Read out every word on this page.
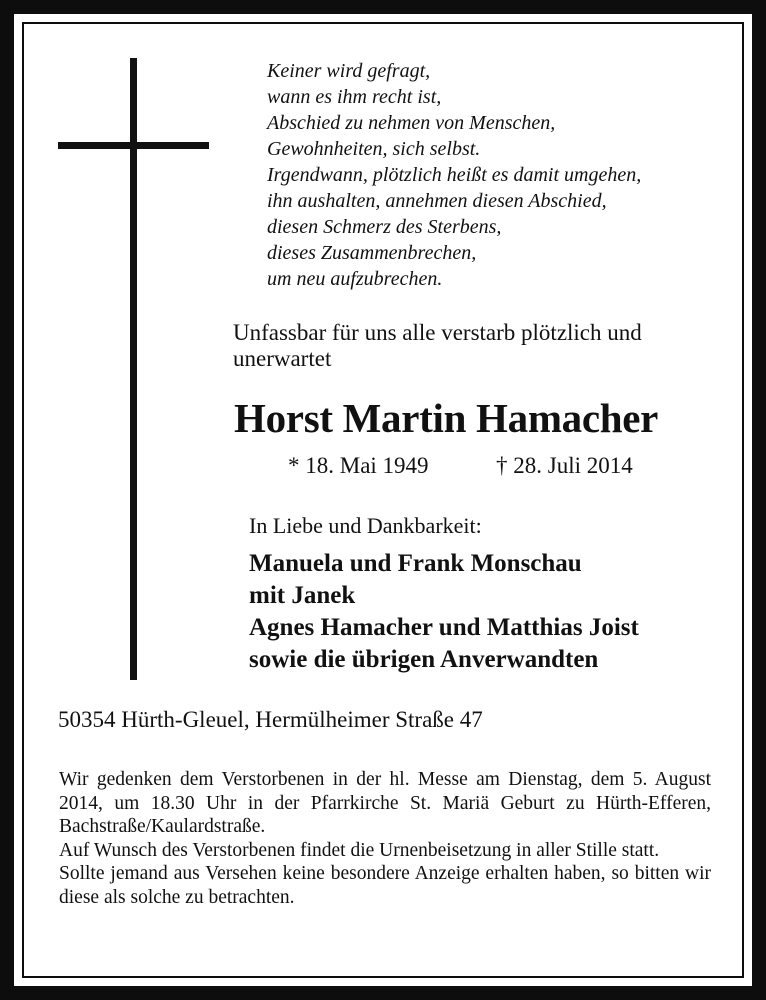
Keiner wird gefragt,
wann es ihm recht ist,
Abschied zu nehmen von Menschen,
Gewohnheiten, sich selbst.
Irgendwann, plötzlich heißt es damit umgehen,
ihn aushalten, annehmen diesen Abschied,
diesen Schmerz des Sterbens,
dieses Zusammenbrechen,
um neu aufzubrechen.
Unfassbar für uns alle verstarb plötzlich und unerwartet
Horst Martin Hamacher
* 18. Mai 1949	† 28. Juli 2014
In Liebe und Dankbarkeit:
Manuela und Frank Monschau
mit Janek
Agnes Hamacher und Matthias Joist
sowie die übrigen Anverwandten
50354 Hürth-Gleuel, Hermülheimer Straße 47
Wir gedenken dem Verstorbenen in der hl. Messe am Dienstag, dem 5. August 2014, um 18.30 Uhr in der Pfarrkirche St. Mariä Geburt zu Hürth-Efferen, Bachstraße/Kaulardstraße.
Auf Wunsch des Verstorbenen findet die Urnenbeisetzung in aller Stille statt.
Sollte jemand aus Versehen keine besondere Anzeige erhalten haben, so bitten wir diese als solche zu betrachten.
